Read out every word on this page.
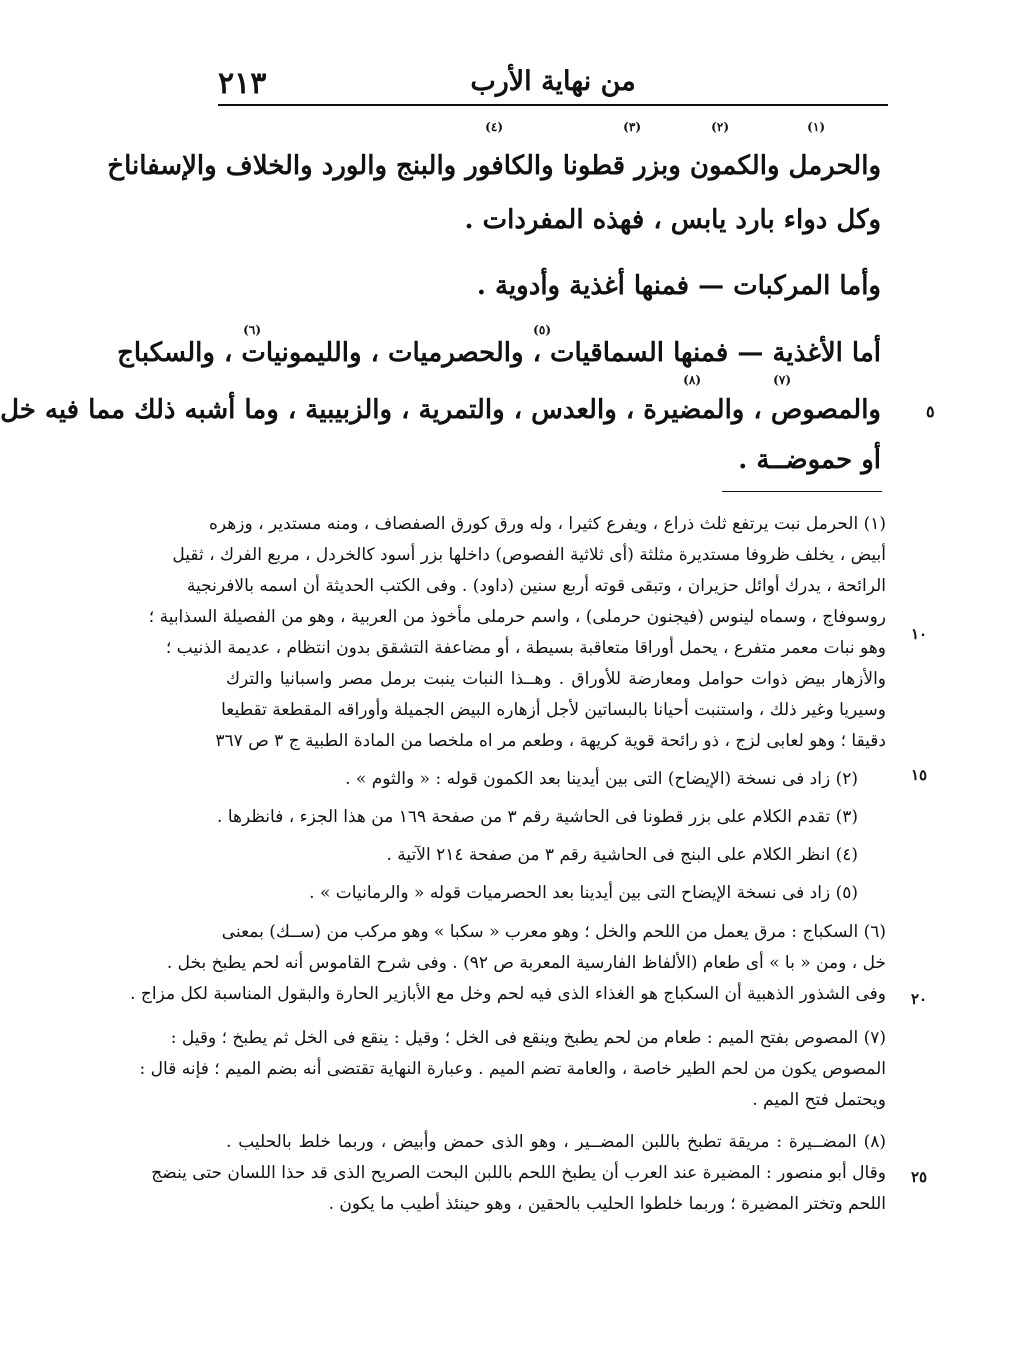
٢١٣	من نهاية الأرب
(١)
(٢)
(٣)
(٤)
والحرمل والكمون وبزر قطونا والكافور والبنج والورد والخلاف والإسفاناخ
وكل دواء بارد يابس ، فهذه المفردات .
وأما المركبات — فمنها أغذية وأدوية .
(٥)
(٦)
أما الأغذية — فمنها السماقيات ، والحصرميات ، والليمونيات ، والسكباج
(٧)
(٨)
والمصوص ، والمضيرة ، والعدس ، والتمرية ، والزبيبية ، وما أشبه ذلك مما فيه خل
أو حموضــة .
٥
(١) الحرمل نبت يرتفع ثلث ذراع ، ويفرع كثيرا ، وله ورق كورق الصفصاف ، ومنه مستدير ، وزهره
أبيض ، يخلف ظروفا مستديرة مثلثة (أى ثلاثية الفصوص) داخلها بزر أسود كالخردل ، مربع الفرك ، ثقيل
الرائحة ، يدرك أوائل حزيران ، وتبقى قوته أربع سنين (داود) . وفى الكتب الحديثة أن اسمه بالافرنجية
روسوفاج ، وسماه لينوس (فيجنون حرملى) ، واسم حرملى مأخوذ من العربية ، وهو من الفصيلة السذابية ؛
وهو نبات معمر متفرع ، يحمل أوراقا متعاقبة بسيطة ، أو مضاعفة التشقق بدون انتظام ، عديمة الذنيب ؛
والأزهار بيض ذوات حوامل ومعارضة للأوراق . وهــذا النبات ينبت برمل مصر واسبانيا والترك
وسيريا وغير ذلك ، واستنبت أحيانا بالبساتين لأجل أزهاره البيض الجميلة وأوراقه المقطعة تقطيعا
دقيقا ؛ وهو لعابى لزج ، ذو رائحة قوية كريهة ، وطعم مر اه ملخصا من المادة الطبية ج ٣ ص ٣٦٧
(٢) زاد فى نسخة (الإيضاح) التى بين أيدينا بعد الكمون قوله : « والثوم » .
(٣) تقدم الكلام على بزر قطونا فى الحاشية رقم ٣ من صفحة ١٦٩ من هذا الجزء ، فانظرها .
(٤) انظر الكلام على البنج فى الحاشية رقم ٣ من صفحة ٢١٤ الآتية .
(٥) زاد فى نسخة الإيضاح التى بين أيدينا بعد الحصرميات قوله « والرمانيات » .
(٦) السكباج : مرق يعمل من اللحم والخل ؛ وهو معرب « سكبا » وهو مركب من (ســك) بمعنى
خل ، ومن « با » أى طعام (الألفاظ الفارسية المعربة ص ٩٢) . وفى شرح القاموس أنه لحم يطبخ بخل .
وفى الشذور الذهبية أن السكباج هو الغذاء الذى فيه لحم وخل مع الأبازير الحارة والبقول المناسبة لكل مزاج .
(٧) المصوص بفتح الميم : طعام من لحم يطبخ وينقع فى الخل ؛ وقيل : ينقع فى الخل ثم يطبخ ؛ وقيل :
المصوص يكون من لحم الطير خاصة ، والعامة تضم الميم . وعبارة النهاية تقتضى أنه بضم الميم ؛ فإنه قال :
ويحتمل فتح الميم .
(٨) المضــيرة : مريقة تطبخ باللبن المضــير ، وهو الذى حمض وأبيض ، وربما خلط بالحليب .
وقال أبو منصور : المضيرة عند العرب أن يطبخ اللحم باللبن البحت الصريح الذى قد حذا اللسان حتى ينضج
اللحم وتختر المضيرة ؛ وربما خلطوا الحليب بالحقين ، وهو حينئذ أطيب ما يكون .
١٠
١٥
٢٠
٢٥
